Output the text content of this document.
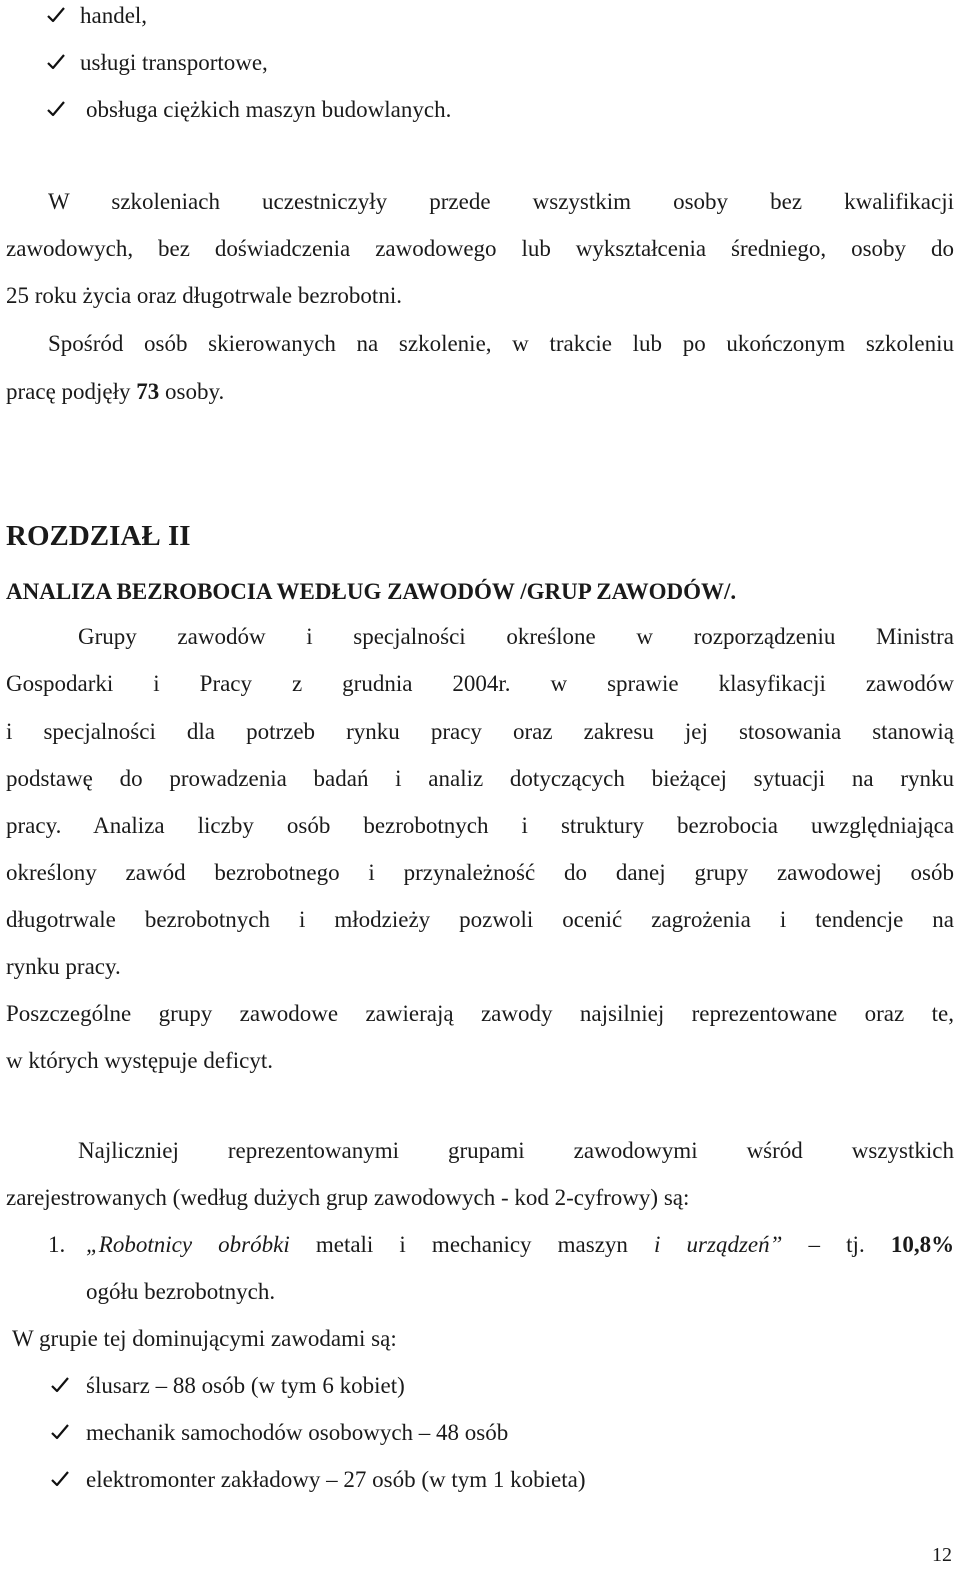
handel,
usługi transportowe,
obsługa ciężkich maszyn budowlanych.
W szkoleniach uczestniczyły przede wszystkim osoby bez kwalifikacji
zawodowych, bez doświadczenia zawodowego lub wykształcenia średniego, osoby do
25 roku życia oraz długotrwale bezrobotni.
Spośród osób skierowanych na szkolenie, w trakcie lub po ukończonym szkoleniu
pracę podjęły 73 osoby.
ROZDZIAŁ II
ANALIZA BEZROBOCIA WEDŁUG ZAWODÓW /GRUP ZAWODÓW/.
Grupy zawodów i specjalności określone w rozporządzeniu Ministra
Gospodarki i Pracy z grudnia 2004r. w sprawie klasyfikacji zawodów
i specjalności dla potrzeb rynku pracy oraz zakresu jej stosowania stanowią
podstawę do prowadzenia badań i analiz dotyczących bieżącej sytuacji na rynku
pracy. Analiza liczby osób bezrobotnych i struktury bezrobocia uwzględniająca
określony zawód bezrobotnego i przynależność do danej grupy zawodowej osób
długotrwale bezrobotnych i młodzieży pozwoli ocenić zagrożenia i tendencje na
rynku pracy.
Poszczególne grupy zawodowe zawierają zawody najsilniej reprezentowane oraz te,
w których występuje deficyt.
Najliczniej reprezentowanymi grupami zawodowymi wśród wszystkich
zarejestrowanych (według dużych grup zawodowych - kod 2-cyfrowy) są:
1. „Robotnicy obróbki metali i mechanicy maszyn i urządzeń” – tj. 10,8%
ogółu bezrobotnych.
W grupie tej dominującymi zawodami są:
ślusarz – 88 osób (w tym 6 kobiet)
mechanik samochodów osobowych – 48 osób
elektromonter zakładowy – 27 osób (w tym 1 kobieta)
12
